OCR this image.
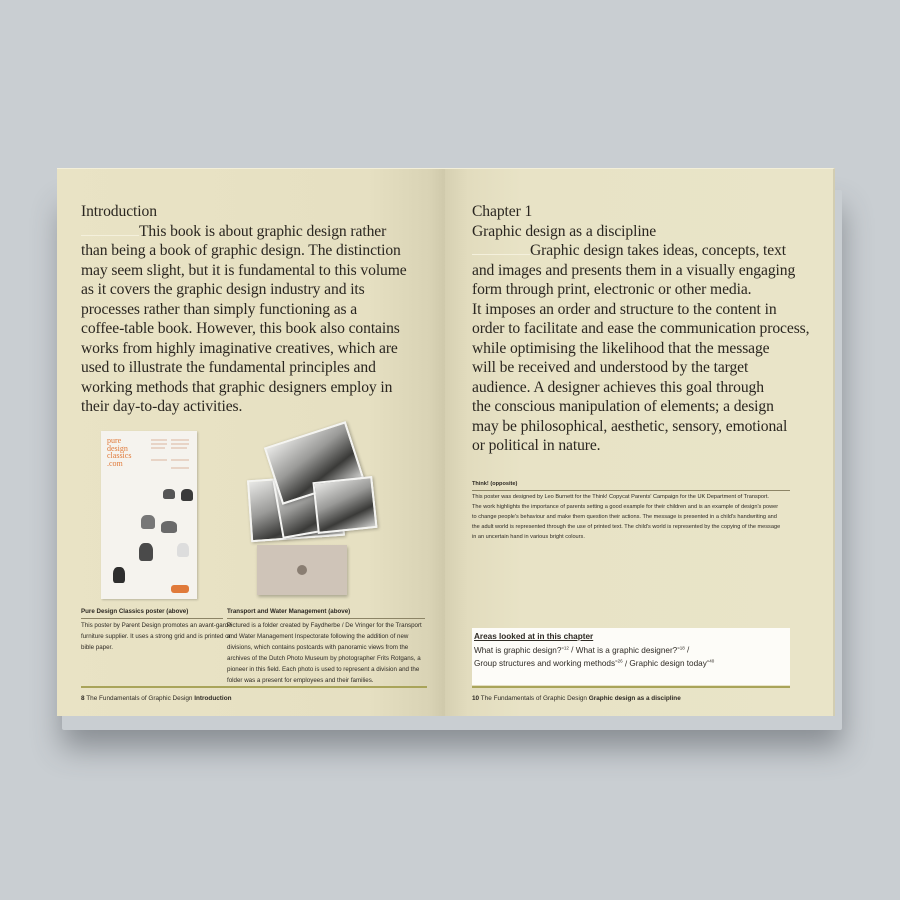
Introduction
This book is about graphic design rather
than being a book of graphic design. The distinction
may seem slight, but it is fundamental to this volume
as it covers the graphic design industry and its
processes rather than simply functioning as a
coffee-table book. However, this book also contains
works from highly imaginative creatives, which are
used to illustrate the fundamental principles and
working methods that graphic designers employ in
their day-to-day activities.
pure design classics .com
Pure Design Classics poster (above)
This poster by Parent Design promotes an avant-garde
furniture supplier. It uses a strong grid and is printed on
bible paper.
Transport and Water Management (above)
Pictured is a folder created by Faydherbe / De Vringer for the Transport
and Water Management Inspectorate following the addition of new
divisions, which contains postcards with panoramic views from the
archives of the Dutch Photo Museum by photographer Frits Rotgans, a
pioneer in this field. Each photo is used to represent a division and the
folder was a present for employees and their families.
8 The Fundamentals of Graphic Design Introduction
Chapter 1
Graphic design as a discipline
Graphic design takes ideas, concepts, text
and images and presents them in a visually engaging
form through print, electronic or other media.
It imposes an order and structure to the content in
order to facilitate and ease the communication process,
while optimising the likelihood that the message
will be received and understood by the target
audience. A designer achieves this goal through
the conscious manipulation of elements; a design
may be philosophical, aesthetic, sensory, emotional
or political in nature.
Think! (opposite)
This poster was designed by Leo Burnett for the Think! Copycat Parents' Campaign for the UK Department of Transport.
The work highlights the importance of parents setting a good example for their children and is an example of design's power
to change people's behaviour and make them question their actions. The message is presented in a child's handwriting and
the adult world is represented through the use of printed text. The child's world is represented by the copying of the message
in an uncertain hand in various bright colours.
Areas looked at in this chapter
What is graphic design?$^{»12}$ / What is a graphic designer?$^{»18}$ /
Group structures and working methods$^{»26}$ / Graphic design today$^{»40}$
10 The Fundamentals of Graphic Design Graphic design as a discipline
